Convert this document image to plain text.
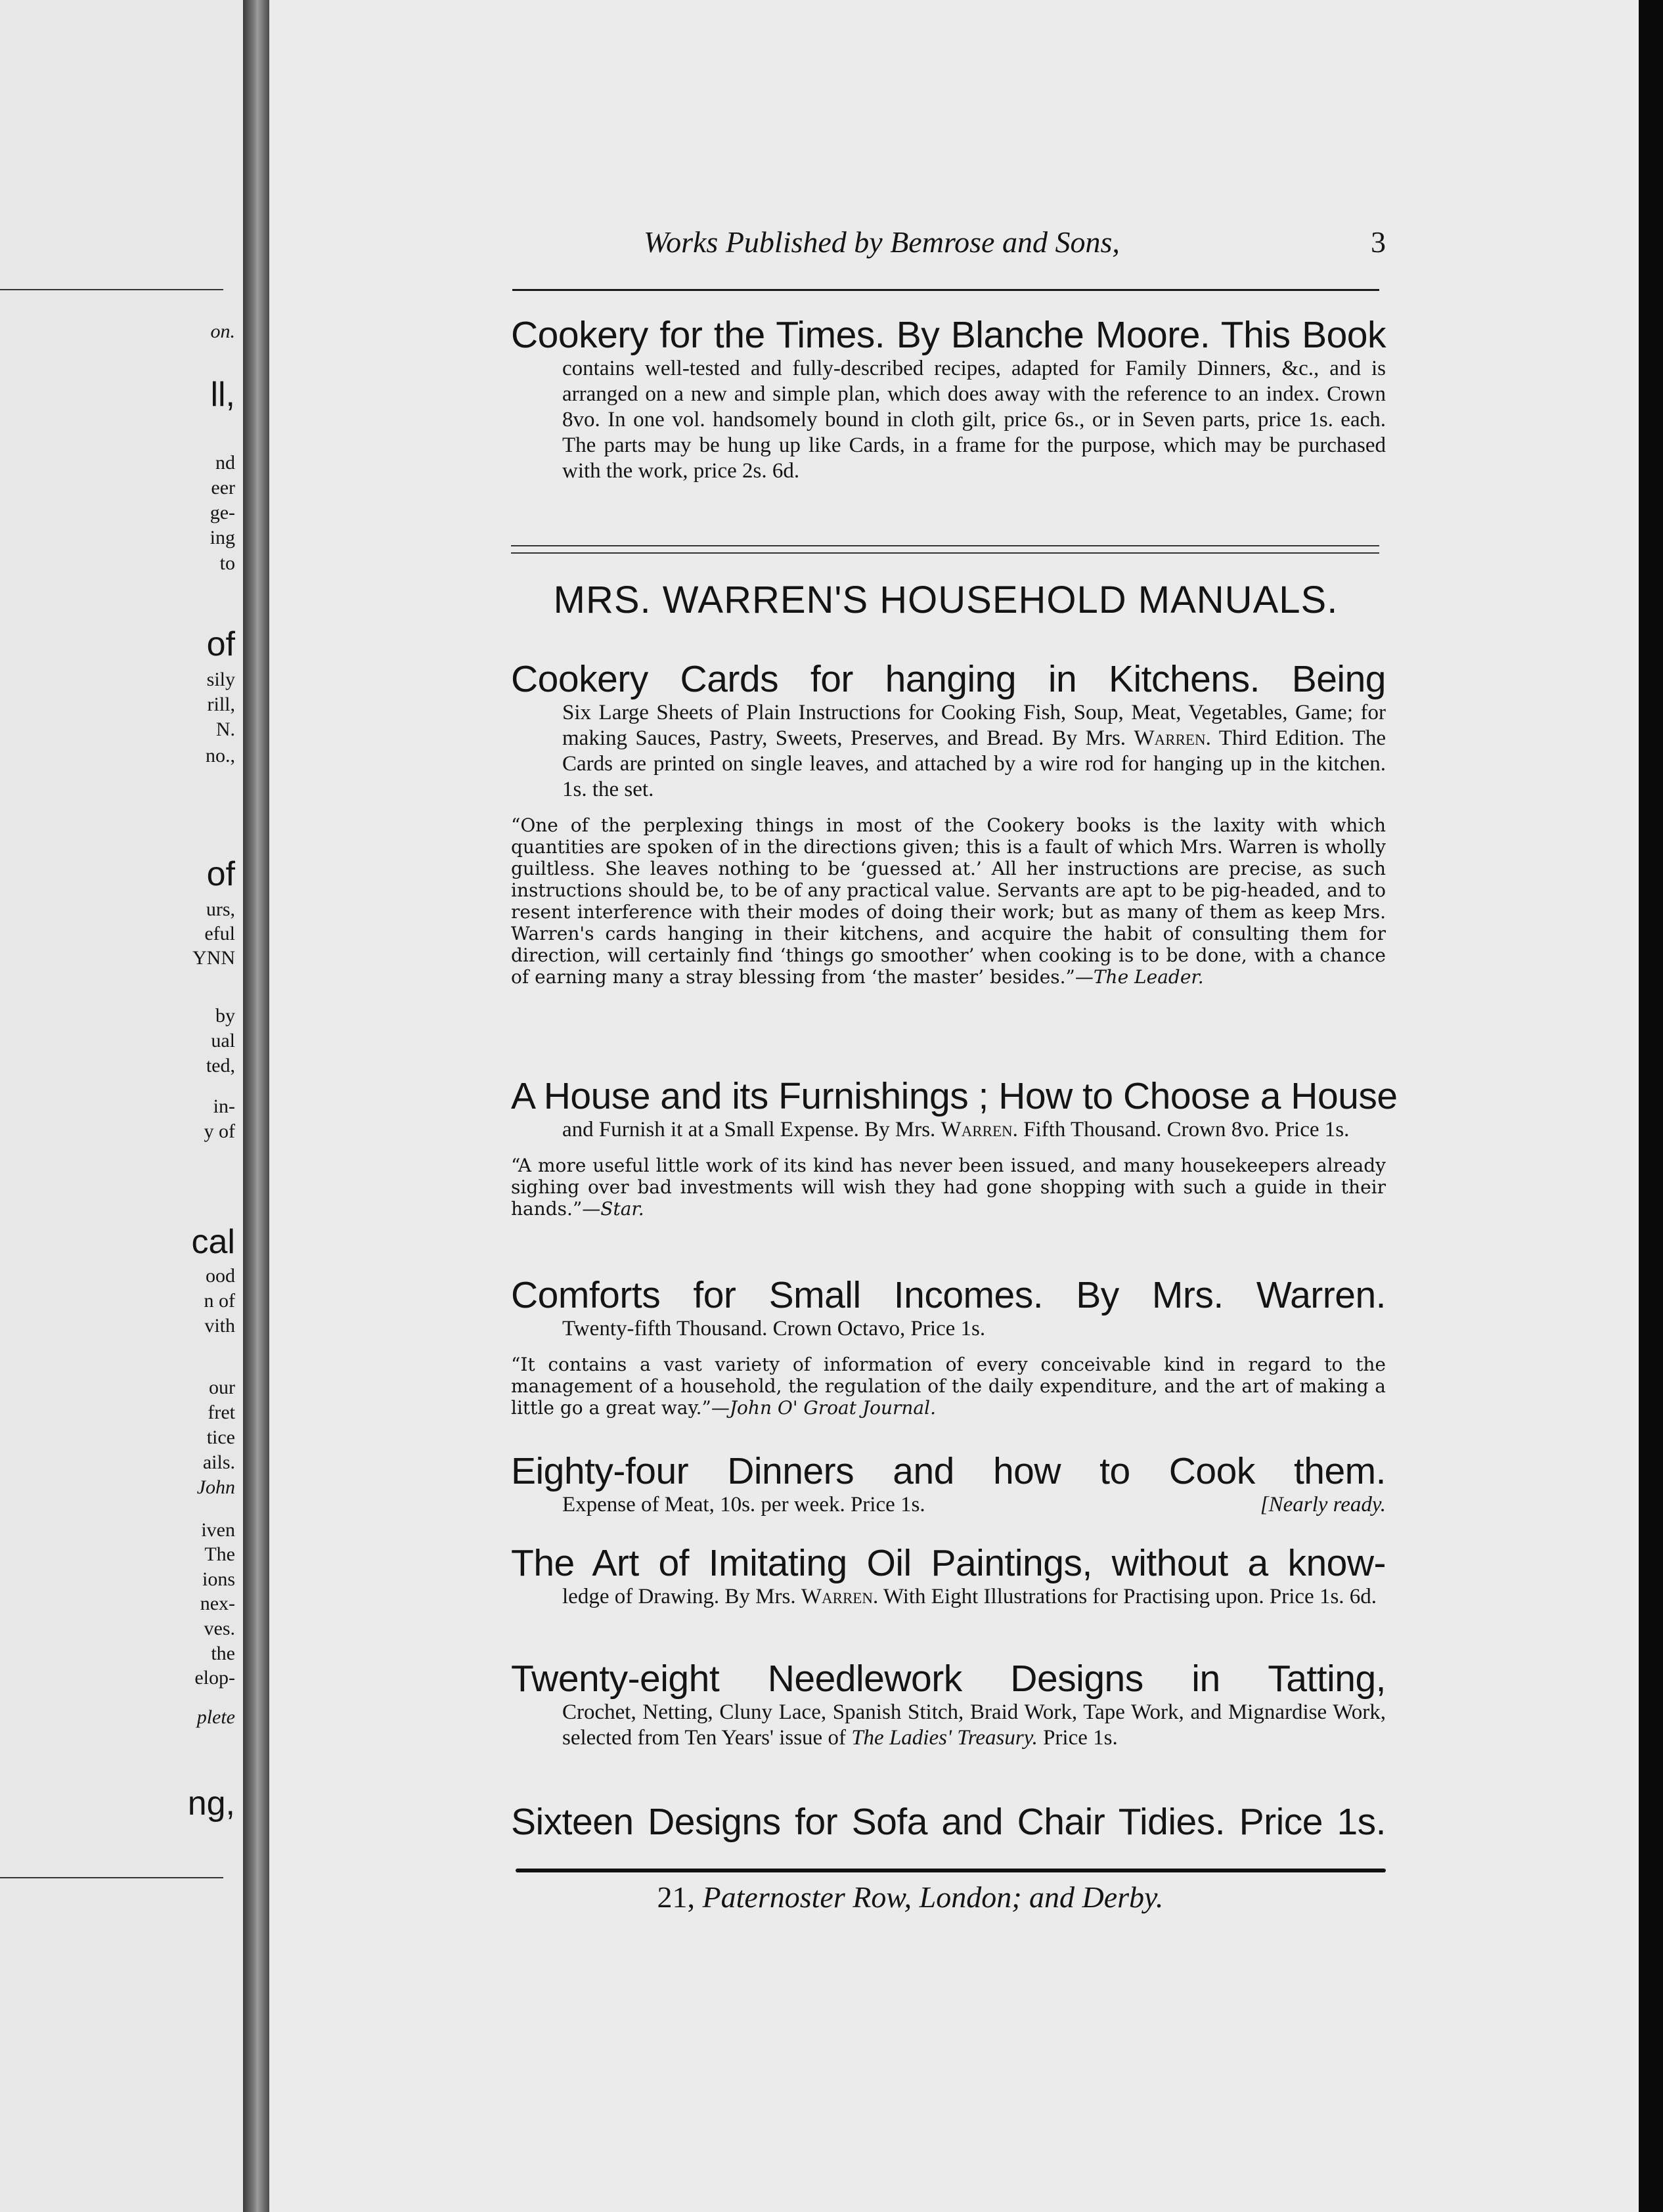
on.
ll,
nd
eer
ge-
ing
to
of
sily
rill,
N.
no.,
of
urs,
eful
YNN
by
ual
ted,
in-
y of
cal
ood
n of
vith
our
fret
tice
ails.
John
iven
The
ions
nex-
ves.
the
elop-
plete
ng,
Works Published by Bemrose and Sons,	3
Cookery for the Times. By Blanche Moore. This Book
contains well-tested and fully-described recipes, adapted for Family Dinners, &c., and is arranged on a new and simple plan, which does away with the reference to an index. Crown 8vo. In one vol. handsomely bound in cloth gilt, price 6s., or in Seven parts, price 1s. each. The parts may be hung up like Cards, in a frame for the purpose, which may be purchased with the work, price 2s. 6d.
MRS. WARREN'S HOUSEHOLD MANUALS.
Cookery Cards for hanging in Kitchens. Being
Six Large Sheets of Plain Instructions for Cooking Fish, Soup, Meat, Vegetables, Game; for making Sauces, Pastry, Sweets, Preserves, and Bread. By Mrs. Warren. Third Edition. The Cards are printed on single leaves, and attached by a wire rod for hanging up in the kitchen. 1s. the set.
“One of the perplexing things in most of the Cookery books is the laxity with which quantities are spoken of in the directions given; this is a fault of which Mrs. Warren is wholly guiltless. She leaves nothing to be ‘guessed at.’ All her instructions are precise, as such instructions should be, to be of any practical value. Servants are apt to be pig-headed, and to resent interference with their modes of doing their work; but as many of them as keep Mrs. Warren's cards hanging in their kitchens, and acquire the habit of consulting them for direction, will certainly find ‘things go smoother’ when cooking is to be done, with a chance of earning many a stray blessing from ‘the master’ besides.”—The Leader.
A House and its Furnishings ; How to Choose a House
and Furnish it at a Small Expense. By Mrs. Warren. Fifth Thousand. Crown 8vo. Price 1s.
“A more useful little work of its kind has never been issued, and many housekeepers already sighing over bad investments will wish they had gone shopping with such a guide in their hands.”—Star.
Comforts for Small Incomes. By Mrs. Warren.
Twenty-fifth Thousand. Crown Octavo, Price 1s.
“It contains a vast variety of information of every conceivable kind in regard to the management of a household, the regulation of the daily expenditure, and the art of making a little go a great way.”—John O' Groat Journal.
Eighty-four Dinners and how to Cook them.
Expense of Meat, 10s. per week. Price 1s.	[Nearly ready.
The Art of Imitating Oil Paintings, without a know-
ledge of Drawing. By Mrs. Warren. With Eight Illustrations for Practising upon. Price 1s. 6d.
Twenty-eight Needlework Designs in Tatting,
Crochet, Netting, Cluny Lace, Spanish Stitch, Braid Work, Tape Work, and Mignardise Work, selected from Ten Years' issue of The Ladies' Treasury. Price 1s.
Sixteen Designs for Sofa and Chair Tidies. Price 1s.
21, Paternoster Row, London; and Derby.
